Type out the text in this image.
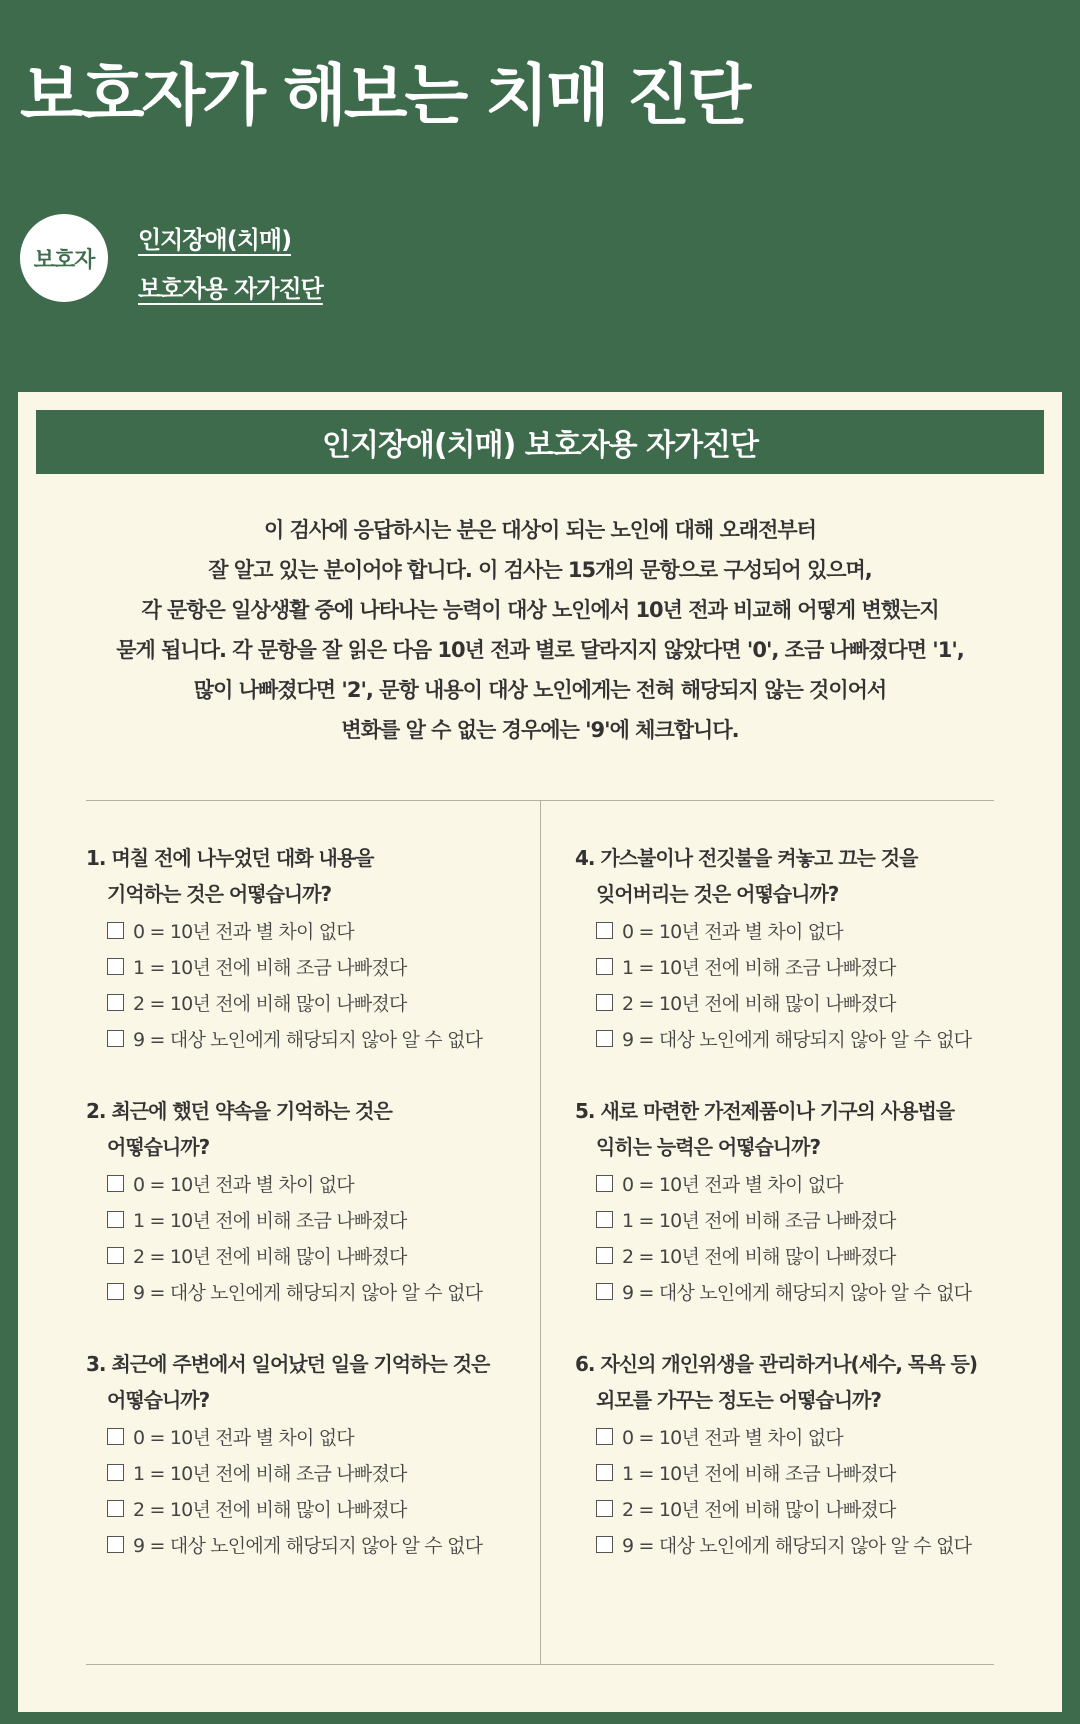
보호자가 해보는 치매 진단
보호자
인지장애(치매)
보호자용 자가진단
인지장애(치매) 보호자용 자가진단

이 검사에 응답하시는 분은 대상이 되는 노인에 대해 오래전부터

잘 알고 있는 분이어야 합니다. 이 검사는 15개의 문항으로 구성되어 있으며,

각 문항은 일상생활 중에 나타나는 능력이 대상 노인에서 10년 전과 비교해 어떻게 변했는지

묻게 됩니다. 각 문항을 잘 읽은 다음 10년 전과 별로 달라지지 않았다면 '0', 조금 나빠졌다면 '1',

많이 나빠졌다면 '2', 문항 내용이 대상 노인에게는 전혀 해당되지 않는 것이어서

변화를 알 수 없는 경우에는 '9'에 체크합니다.

1. 며칠 전에 나누었던 대화 내용을
기억하는 것은 어떻습니까?
0 = 10년 전과 별 차이 없다
1 = 10년 전에 비해 조금 나빠졌다
2 = 10년 전에 비해 많이 나빠졌다
9 = 대상 노인에게 해당되지 않아 알 수 없다
2. 최근에 했던 약속을 기억하는 것은
어떻습니까?
0 = 10년 전과 별 차이 없다
1 = 10년 전에 비해 조금 나빠졌다
2 = 10년 전에 비해 많이 나빠졌다
9 = 대상 노인에게 해당되지 않아 알 수 없다
3. 최근에 주변에서 일어났던 일을 기억하는 것은
어떻습니까?
0 = 10년 전과 별 차이 없다
1 = 10년 전에 비해 조금 나빠졌다
2 = 10년 전에 비해 많이 나빠졌다
9 = 대상 노인에게 해당되지 않아 알 수 없다
4. 가스불이나 전깃불을 켜놓고 끄는 것을
잊어버리는 것은 어떻습니까?
0 = 10년 전과 별 차이 없다
1 = 10년 전에 비해 조금 나빠졌다
2 = 10년 전에 비해 많이 나빠졌다
9 = 대상 노인에게 해당되지 않아 알 수 없다
5. 새로 마련한 가전제품이나 기구의 사용법을
익히는 능력은 어떻습니까?
0 = 10년 전과 별 차이 없다
1 = 10년 전에 비해 조금 나빠졌다
2 = 10년 전에 비해 많이 나빠졌다
9 = 대상 노인에게 해당되지 않아 알 수 없다
6. 자신의 개인위생을 관리하거나(세수, 목욕 등)
외모를 가꾸는 정도는 어떻습니까?
0 = 10년 전과 별 차이 없다
1 = 10년 전에 비해 조금 나빠졌다
2 = 10년 전에 비해 많이 나빠졌다
9 = 대상 노인에게 해당되지 않아 알 수 없다
